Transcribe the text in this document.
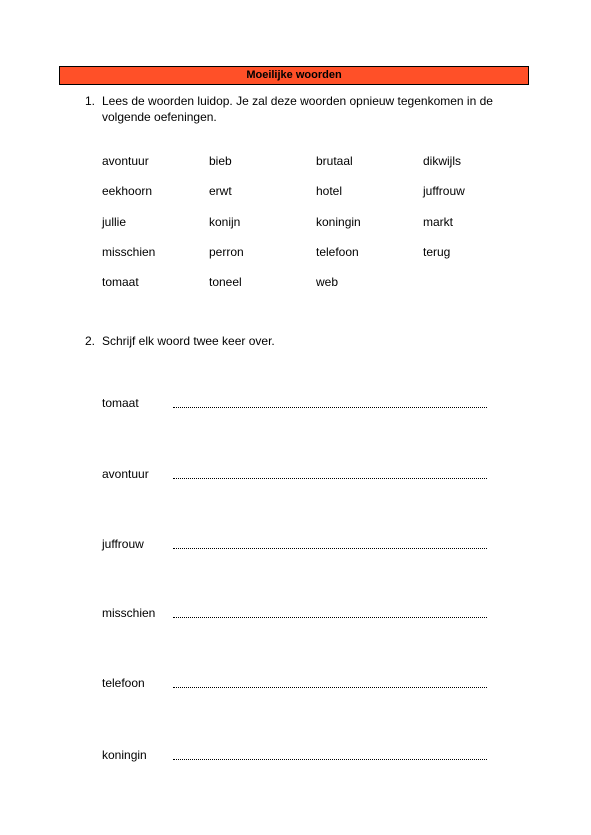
Moeilijke woorden
1. Lees de woorden luidop. Je zal deze woorden opnieuw tegenkomen in de volgende oefeningen.
avontuur	bieb	brutaal	dikwijls
eekhoorn	erwt	hotel	juffrouw
jullie	konijn	koningin	markt
misschien	perron	telefoon	terug
tomaat	toneel	web
2. Schrijf elk woord twee keer over.
tomaat
avontuur
juffrouw
misschien
telefoon
koningin
